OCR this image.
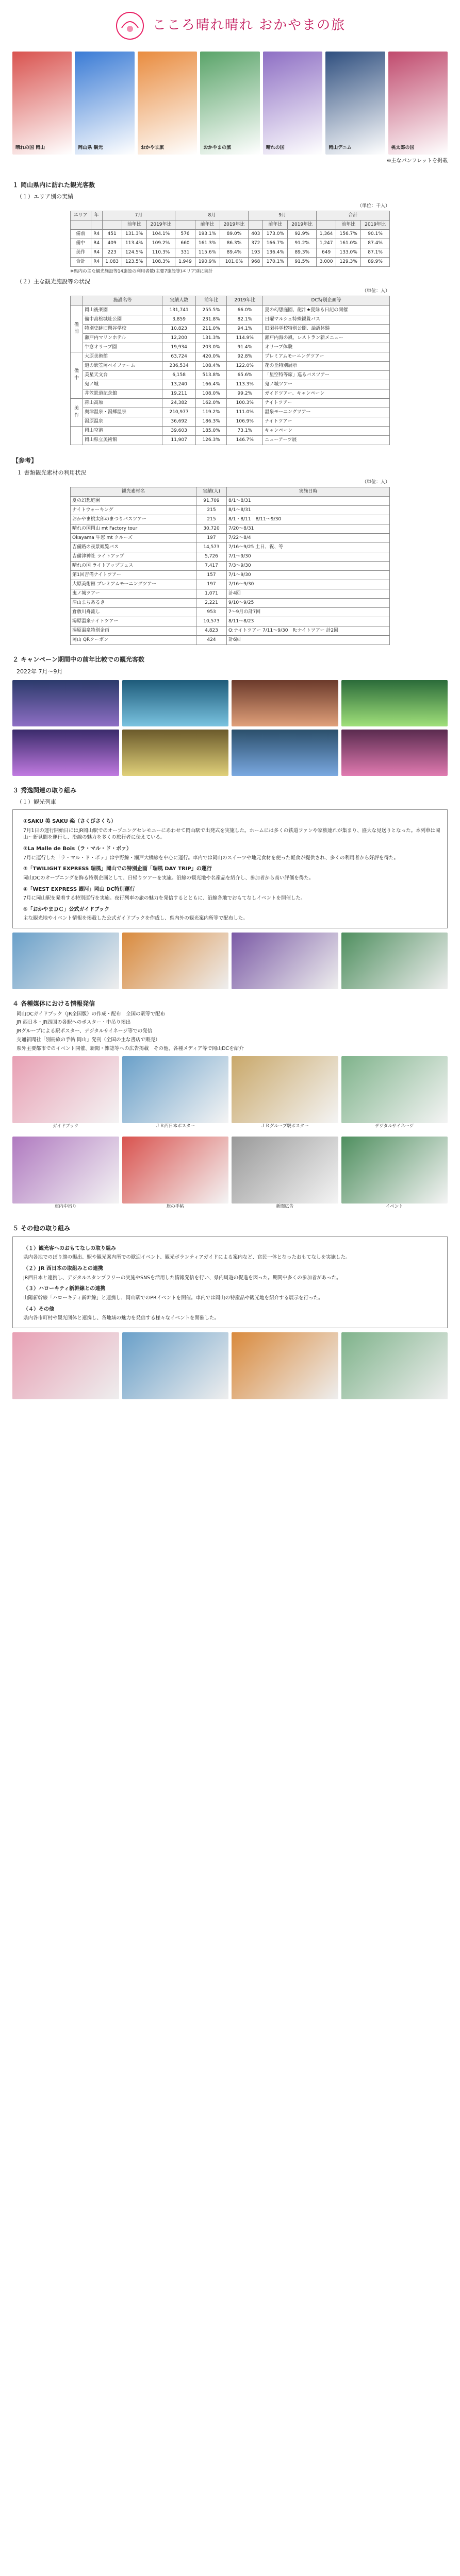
こころ晴れ晴れ おかやまの旅
晴れの国 岡山	岡山県 観光	おかやま旅	おかやまの旅	晴れの国	岡山デニム	桃太郎の国
※主なパンフレットを掲載
１ 岡山県内に訪れた観光客数
（１）エリア別の実績
（単位：千人）
エリア	年	7月			8月			9月			合計		
			前年比	2019年比		前年比	2019年比		前年比	2019年比		前年比	2019年比
備前	R4	451	131.3%	104.1%	576	193.1%	89.0%	403	173.0%	92.9%	1,364	156.7%	90.1%
備中	R4	409	113.4%	109.2%	660	161.3%	86.3%	372	166.7%	91.2%	1,247	161.0%	87.4%
美作	R4	223	124.5%	110.3%	331	115.6%	89.4%	193	136.4%	89.3%	649	133.0%	87.1%
合計	R4	1,083	123.5%	108.3%	1,949	190.9%	101.0%	968	170.1%	91.5%	3,000	129.3%	89.9%
※県内の主な観光施設等14施設の利用者数(主要7施設等)エリア別に集計
（２）主な観光施設等の状況
（単位：人）
	施設名等	実績人数	前年比	2019年比	DC特別企画等
備前	岡山後楽園	131,741	255.5%	66.0%	夏の幻想庭園、龍汁★夏緑る日記の開催
	備中高松城址公園	3,859	231.8%	82.1%	日曜マルシェ特殊観覧バス
	特別史跡旧閑谷学校	10,823	211.0%	94.1%	旧閑谷学校特別公開、論語体験
	瀬戸内マリンホテル	12,200	131.3%	114.9%	瀬戸内海の風、レストラン新メニュー
	牛窓オリーブ園	19,934	203.0%	91.4%	オリーブ体験
備中	大原美術館	63,724	420.0%	92.8%	プレミアムモーニングツアー
	道の駅笠岡ベイファーム	236,534	108.4%	122.0%	花の丘特別展示
	美星天文台	6,158	513.8%	65.6%	「星空特等席」巡るバスツアー
	鬼ノ城	13,240	166.4%	113.3%	鬼ノ城ツアー
	井笠鉄道記念館	19,211	108.0%	99.2%	ガイドツアー、キャンペーン
美作	蒜山高原	24,382	162.0%	100.3%	ナイトツアー
	奥津温泉・湯郷温泉	210,977	119.2%	111.0%	温泉モーニングツアー
	湯原温泉	36,692	186.3%	106.9%	ナイトツアー
	岡山空港	39,603	185.0%	73.1%	キャンペーン
	岡山県立美術館	11,907	126.3%	146.7%	ニューアーツ展
【参考】
１ 書類観光素材の利用状況
（単位：人）
観光素材名	実績(人)	実施日時
夏の幻想庭園	91,709	8/1～8/31
ナイトウォーキング	215	8/1～8/31
おかやま桃太郎のまつりバスツアー	215	8/1・8/11　8/11～9/30
晴れの国岡山 mt Factory tour	30,720	7/20～8/31
Okayama 牛窓 mt クルーズ	197	7/22～8/4
吉備路の夜景観覧バス	14,573	7/16～9/25 土日、祝、等
吉備津神社 ライトアップ	5,726	7/1～9/30
晴れの国 ライトアップフェス	7,417	7/3～9/30
第1回吉備ナイトツアー	157	7/1～9/30
大原美術館 プレミアムモーニングツアー	197	7/16～9/30
鬼ノ城ツアー	1,071	計4回
津山まちあるき	2,221	9/10～9/25
倉敷川舟流し	953	7～9月の計7回
湯原温泉ナイトツアー	10,573	8/11～8/23
湯原温泉特別企画	4,823	Q:ナイトツアー 7/11～9/30　R:ナイトツアー 計2回
岡山 QRクーポン	424	計6回
２ キャンペーン期間中の前年比較での観光客数
2022年 7月〜9月
３ 秀逸関連の取り組み
（１）観光列車
①SAKU 美 SAKU 楽（さくびさくら）
7月1日の運行開始日にはJR岡山駅でのオープニングセレモニーにあわせて岡山駅で出発式を実施した。ホームには多くの鉄道ファンや家族連れが集まり、盛大な見送りとなった。本列車は岡山～新見間を運行し、沿線の魅力を多くの旅行者に伝えている。
②La Malle de Bois（ラ・マル・ド・ボァ）
7月に運行した「ラ・マル・ド・ボァ」は宇野線・瀬戸大橋線を中心に運行。車内では岡山のスイーツや地元食材を使った軽食が提供され、多くの利用者から好評を得た。
③「TWILIGHT EXPRESS 瑞風」岡山での特別企画「瑞風 DAY TRIP」の運行
岡山DCのオープニングを飾る特別企画として、日帰りツアーを実施。沿線の観光地や名産品を紹介し、参加者から高い評価を得た。
④「WEST EXPRESS 銀河」岡山 DC特別運行
7月に岡山駅を発着する特別運行を実施。夜行列車の旅の魅力を発信するとともに、沿線各地でおもてなしイベントを開催した。
⑤「おかやまＤＣ」公式ガイドブック
主な観光地やイベント情報を掲載した公式ガイドブックを作成し、県内外の観光案内所等で配布した。
４ 各種媒体における情報発信
岡山DCガイドブック（JR全国版）の作成・配布　全国の駅等で配布
JR 西日本・JR四国の各駅へのポスター・中吊り掲出
JRグループによる駅ポスター、デジタルサイネージ等での発信
交通新聞社「別冊旅の手帖 岡山」発刊（全国の主な書店で販売）
県外主要都市でのイベント開催、新聞・雑誌等への広告掲載　その他、各種メディア等で岡山DCを紹介
ガイドブック	ＪＲ西日本ポスター	ＪＲグループ駅ポスター	デジタルサイネージ
車内中吊り	旅の手帖	新聞広告	イベント
５ その他の取り組み
（１）観光客へのおもてなしの取り組み
県内各地でのぼり旗の掲出、駅や観光案内所での歓迎イベント、観光ボランティアガイドによる案内など、官民一体となったおもてなしを実施した。
（２）JR 西日本の取組みとの連携
JR西日本と連携し、デジタルスタンプラリーの実施やSNSを活用した情報発信を行い、県内周遊の促進を図った。期間中多くの参加者があった。
（３）ハローキティ新幹線との連携
山陽新幹線「ハローキティ新幹線」と連携し、岡山駅でのPRイベントを開催。車内では岡山の特産品や観光地を紹介する展示を行った。
（４）その他
県内各市町村や観光団体と連携し、各地域の魅力を発信する様々なイベントを開催した。
